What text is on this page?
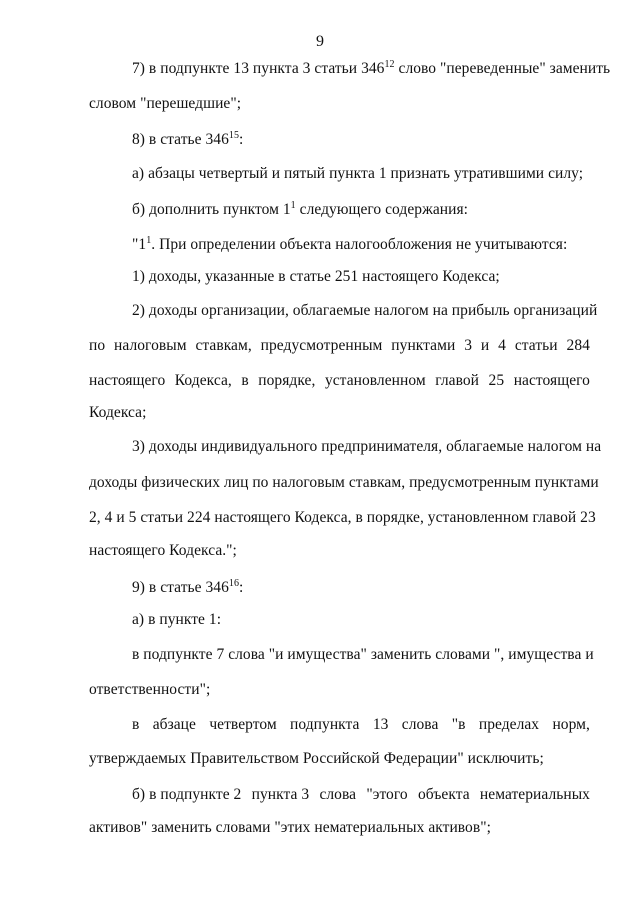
9
7) в подпункте 13 пункта 3 статьи $346^{12}$ слово "переведенные" заменить
словом "перешедшие";
8) в статье $346^{15}$:
а) абзацы четвертый и пятый пункта 1 признать утратившими силу;
б) дополнить пунктом $1^1$ следующего содержания:
"$1^1$. При определении объекта налогообложения не учитываются:
1) доходы, указанные в статье 251 настоящего Кодекса;
2) доходы организации, облагаемые налогом на прибыль организаций
по налоговым ставкам, предусмотренным пунктами 3 и 4 статьи 284
настоящего Кодекса, в порядке, установленном главой 25 настоящего
Кодекса;
3) доходы индивидуального предпринимателя, облагаемые налогом на
доходы физических лиц по налоговым ставкам, предусмотренным пунктами
2, 4 и 5 статьи 224 настоящего Кодекса, в порядке, установленном главой 23
настоящего Кодекса.";
9) в статье $346^{16}$:
а) в пункте 1:
в подпункте 7 слова "и имущества" заменить словами ", имущества и
ответственности";
в абзаце четвертом подпункта 13 слова "в пределах норм,
утверждаемых Правительством Российской Федерации" исключить;
б) в подпункте 2 пункта 3 слова "этого объекта нематериальных
активов" заменить словами "этих нематериальных активов";
